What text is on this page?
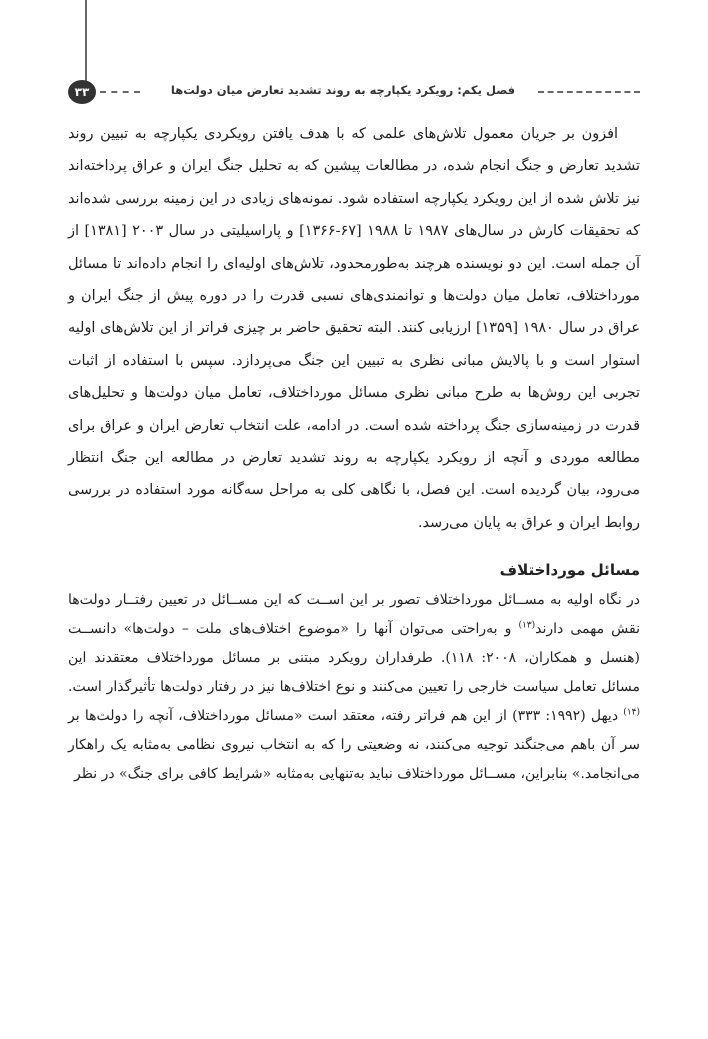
۳۳	فصل یکم: رویکرد یکپارچه به روند تشدید تعارض میان دولت‌ها

افزون بر جریان معمول تلاش‌های علمی که با هدف یافتن رویکردی یکپارچه به تبیین روند تشدید تعارض و جنگ انجام شده، در مطالعات پیشین که به تحلیل جنگ ایران و عراق پرداخته‌اند نیز تلاش شده از این رویکرد یکپارچه استفاده شود. نمونه‌های زیادی در این زمینه بررسی شده‌اند که تحقیقات کارش در سال‌های ۱۹۸۷ تا ۱۹۸۸ [۶۷-۱۳۶۶] و پاراسیلیتی در سال ۲۰۰۳ [۱۳۸۱] از آن جمله است. این دو نویسنده هرچند به‌طورمحدود، تلاش‌های اولیه‌ای را انجام داده‌اند تا مسائل مورداختلاف، تعامل میان دولت‌ها و توانمندی‌های نسبی قدرت را در دوره پیش از جنگ ایران و عراق در سال ۱۹۸۰ [۱۳۵۹] ارزیابی کنند. البته تحقیق حاضر بر چیزی فراتر از این تلاش‌های اولیه استوار است و با پالایش مبانی نظری به تبیین این جنگ می‌پردازد. سپس با استفاده از اثبات تجربی این روش‌ها به طرح مبانی نظری مسائل مورداختلاف، تعامل میان دولت‌ها و تحلیل‌های قدرت در زمینه‌سازی جنگ پرداخته شده است. در ادامه، علت انتخاب تعارض ایران و عراق برای مطالعه موردی و آنچه از رویکرد یکپارچه به روند تشدید تعارض در مطالعه این جنگ انتظار می‌رود، بیان گردیده است. این فصل، با نگاهی کلی به مراحل سه‌گانه مورد استفاده در بررسی روابط ایران و عراق به پایان می‌رسد.

مسائل مورداختلاف

در نگاه اولیه به مســائل مورداختلاف تصور بر این اســت که این مســائل در تعیین رفتــار دولت‌ها نقش مهمی دارند$^{(۱۳)}$ و به‌راحتی می‌توان آنها را «موضوع اختلاف‌های ملت – دولت‌ها» دانســت (هنسل و همکاران، ۲۰۰۸: ۱۱۸). طرفداران رویکرد مبتنی بر مسائل مورداختلاف معتقدند این مسائل تعامل سیاست خارجی را تعیین می‌کنند و نوع اختلاف‌ها نیز در رفتار دولت‌ها تأثیرگذار است.$^{(۱۴)}$ دیهل (۱۹۹۲: ۳۳۳) از این هم فراتر رفته، معتقد است «مسائل مورداختلاف، آنچه را دولت‌ها بر سر آن باهم می‌جنگند توجیه می‌کنند، نه وضعیتی را که به انتخاب نیروی نظامی به‌مثابه یک راهکار می‌انجامد.» بنابراین، مســائل مورداختلاف نباید به‌تنهایی به‌مثابه «شرایط کافی برای جنگ» در نظر
